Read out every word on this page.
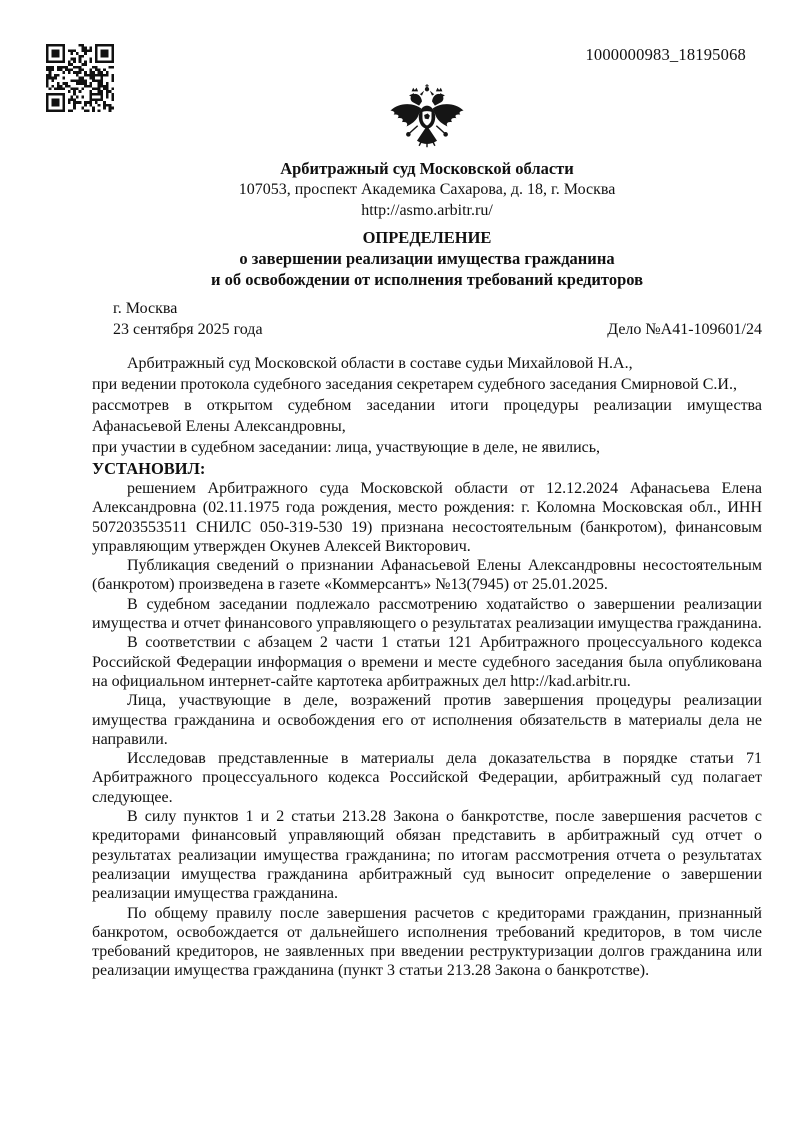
1000000983_18195068
Арбитражный суд Московской области
107053, проспект Академика Сахарова, д. 18, г. Москва
http://asmo.arbitr.ru/
ОПРЕДЕЛЕНИЕ
о завершении реализации имущества гражданина
и об освобождении от исполнения требований кредиторов
г. Москва
23 сентября 2025 года	Дело №А41-109601/24

Арбитражный суд Московской области в составе судьи Михайловой Н.А.,

при ведении протокола судебного заседания секретарем судебного заседания Смирновой С.И.,

рассмотрев в открытом судебном заседании итоги процедуры реализации имущества Афанасьевой Елены Александровны,

при участии в судебном заседании: лица, участвующие в деле, не явились,

УСТАНОВИЛ:

решением Арбитражного суда Московской области от 12.12.2024 Афанасьева Елена Александровна (02.11.1975 года рождения, место рождения: г. Коломна Московская обл., ИНН 507203553511 СНИЛС 050-319-530 19) признана несостоятельным (банкротом), финансовым управляющим утвержден Окунев Алексей Викторович.

Публикация сведений о признании Афанасьевой Елены Александровны несостоятельным (банкротом) произведена в газете «Коммерсантъ» №13(7945) от 25.01.2025.

В судебном заседании подлежало рассмотрению ходатайство о завершении реализации имущества и отчет финансового управляющего о результатах реализации имущества гражданина.

В соответствии с абзацем 2 части 1 статьи 121 Арбитражного процессуального кодекса Российской Федерации информация о времени и месте судебного заседания была опубликована на официальном интернет-сайте картотека арбитражных дел http://kad.arbitr.ru.

Лица, участвующие в деле, возражений против завершения процедуры реализации имущества гражданина и освобождения его от исполнения обязательств в материалы дела не направили.

Исследовав представленные в материалы дела доказательства в порядке статьи 71 Арбитражного процессуального кодекса Российской Федерации, арбитражный суд полагает следующее.

В силу пунктов 1 и 2 статьи 213.28 Закона о банкротстве, после завершения расчетов с кредиторами финансовый управляющий обязан представить в арбитражный суд отчет о результатах реализации имущества гражданина; по итогам рассмотрения отчета о результатах реализации имущества гражданина арбитражный суд выносит определение о завершении реализации имущества гражданина.

По общему правилу после завершения расчетов с кредиторами гражданин, признанный банкротом, освобождается от дальнейшего исполнения требований кредиторов, в том числе требований кредиторов, не заявленных при введении реструктуризации долгов гражданина или реализации имущества гражданина (пункт 3 статьи 213.28 Закона о банкротстве).
